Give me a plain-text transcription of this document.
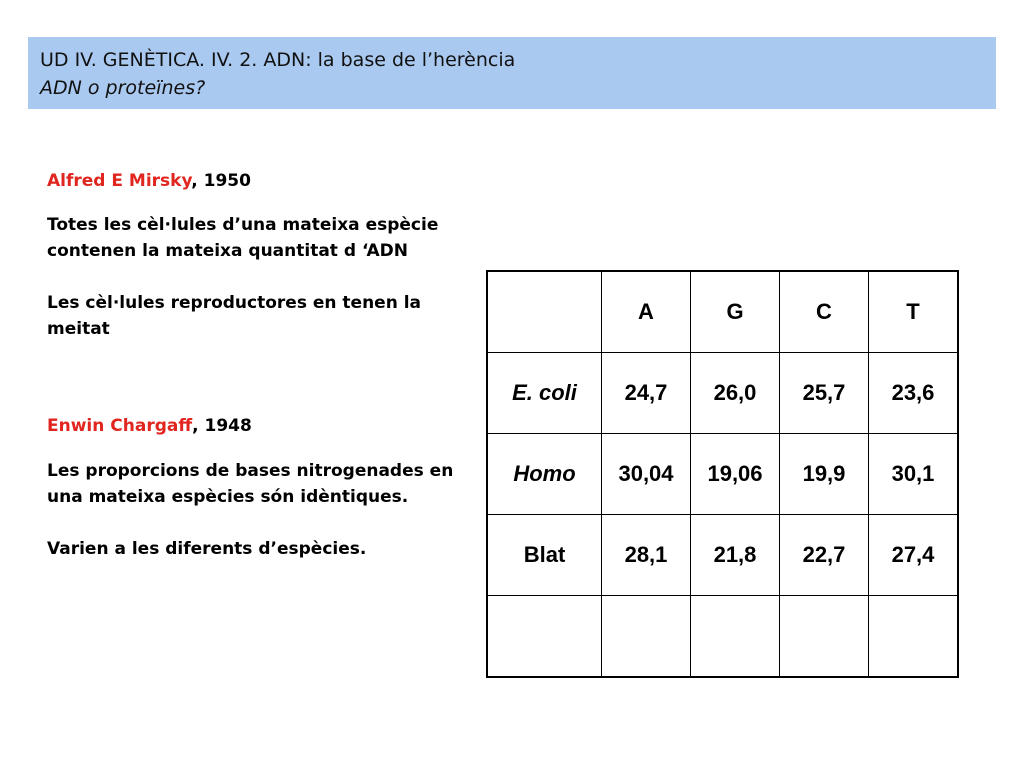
UD IV. GENÈTICA. IV. 2. ADN: la base de l’herència
ADN o proteïnes?
Alfred E Mirsky, 1950
Totes les cèl·lules d’una mateixa espècie contenen la mateixa quantitat d ‘ADN
Les cèl·lules reproductores en tenen la meitat
Enwin Chargaff, 1948
Les proporcions de bases nitrogenades en una mateixa espècies són idèntiques.
Varien a les diferents d’espècies.
	A	G	C	T
E. coli	24,7	26,0	25,7	23,6
Homo	30,04	19,06	19,9	30,1
Blat	28,1	21,8	22,7	27,4
